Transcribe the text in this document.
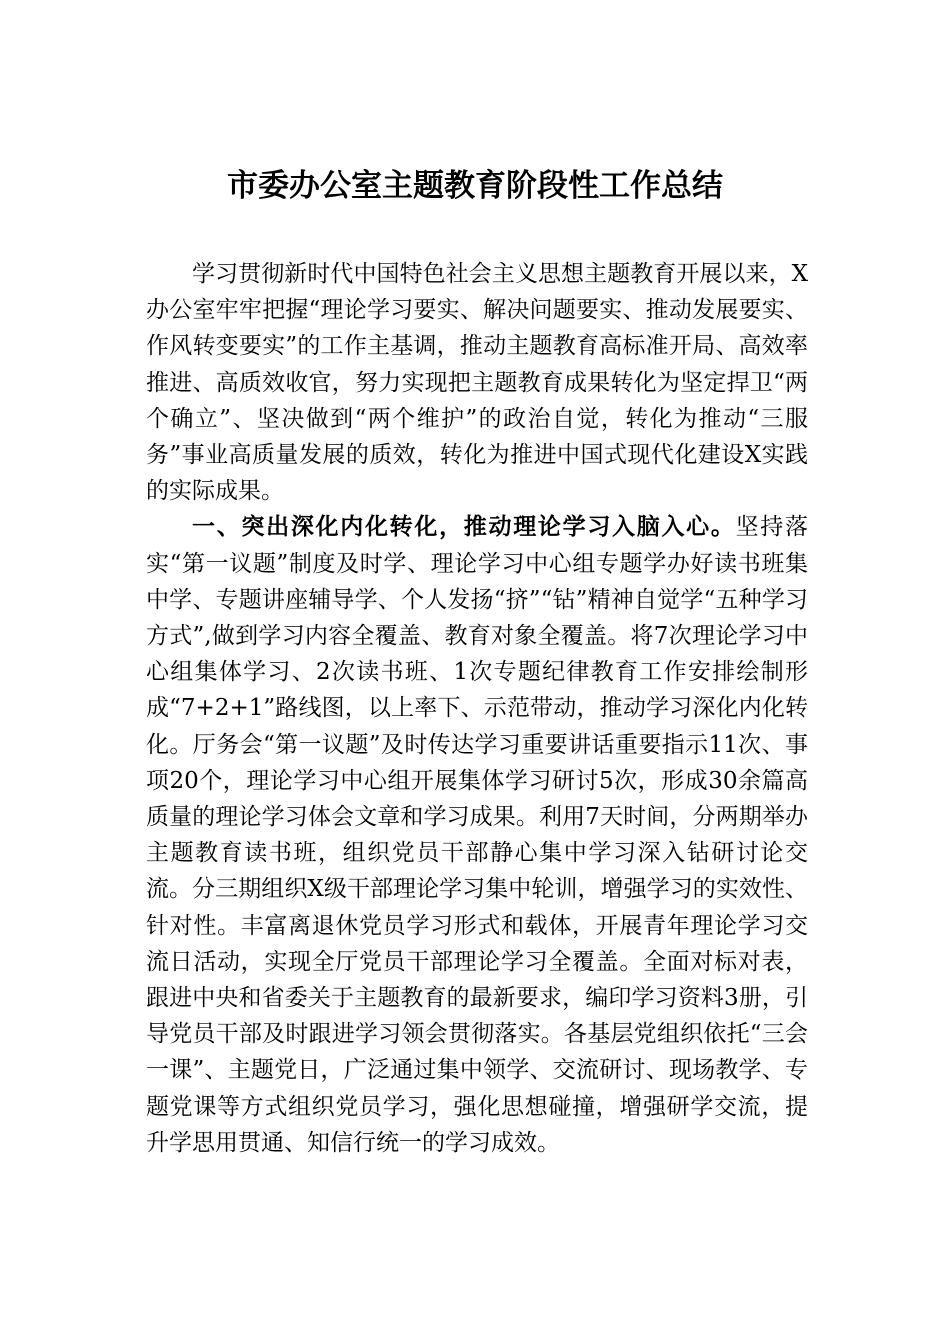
市委办公室主题教育阶段性工作总结

学习贯彻新时代中国特色社会主义思想主题教育开展以来，X办公室牢牢把握“理论学习要实、解决问题要实、推动发展要实、作风转变要实”的工作主基调，推动主题教育高标准开局、高效率推进、高质效收官，努力实现把主题教育成果转化为坚定捍卫“两个确立”、坚决做到“两个维护”的政治自觉，转化为推动“三服务”事业高质量发展的质效，转化为推进中国式现代化建设X实践的实际成果。

一、突出深化内化转化，推动理论学习入脑入心。坚持落实“第一议题”制度及时学、理论学习中心组专题学办好读书班集中学、专题讲座辅导学、个人发扬“挤”“钻”精神自觉学“五种学习方式”,做到学习内容全覆盖、教育对象全覆盖。将7次理论学习中心组集体学习、2次读书班、1次专题纪律教育工作安排绘制形成“7+2+1”路线图，以上率下、示范带动，推动学习深化内化转化。厅务会“第一议题”及时传达学习重要讲话重要指示11次、事项20个，理论学习中心组开展集体学习研讨5次，形成30余篇高质量的理论学习体会文章和学习成果。利用7天时间，分两期举办主题教育读书班，组织党员干部静心集中学习深入钻研讨论交流。分三期组织X级干部理论学习集中轮训，增强学习的实效性、针对性。丰富离退休党员学习形式和载体，开展青年理论学习交流日活动，实现全厅党员干部理论学习全覆盖。全面对标对表，跟进中央和省委关于主题教育的最新要求，编印学习资料3册，引导党员干部及时跟进学习领会贯彻落实。各基层党组织依托“三会一课”、主题党日，广泛通过集中领学、交流研讨、现场教学、专题党课等方式组织党员学习，强化思想碰撞，增强研学交流，提升学思用贯通、知信行统一的学习成效。
